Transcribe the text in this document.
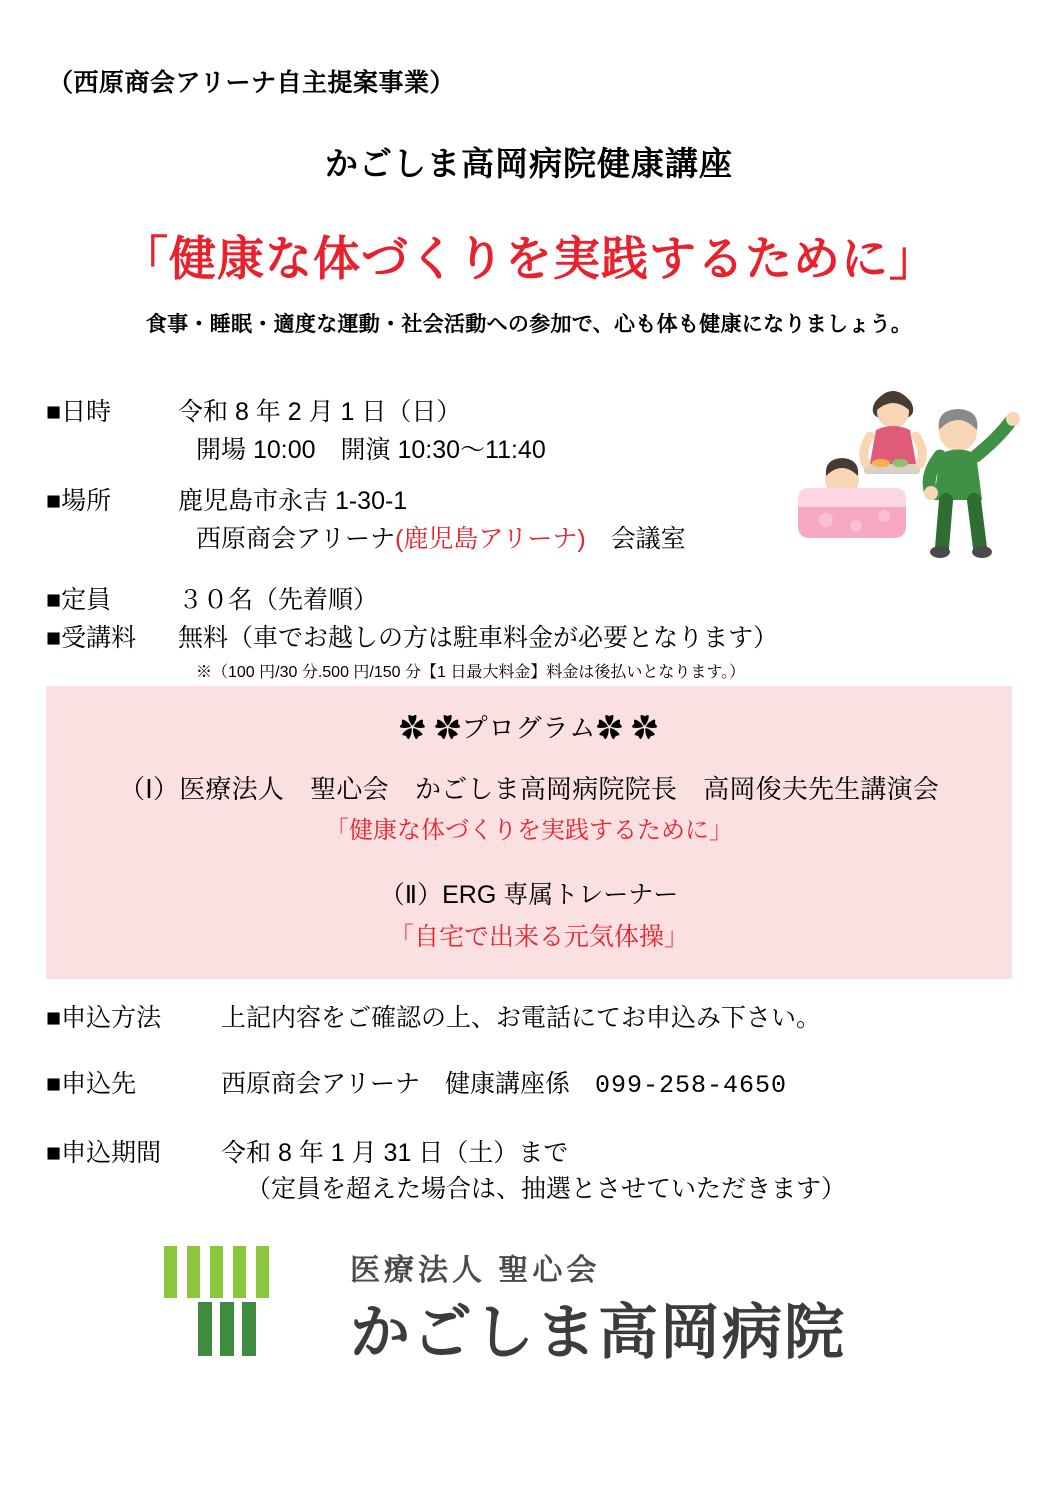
（西原商会アリーナ自主提案事業）
かごしま高岡病院健康講座
「健康な体づくりを実践するために」
食事・睡眠・適度な運動・社会活動への参加で、心も体も健康になりましょう。
■日時	令和 8 年 2 月 1 日（日）
開場 10:00　開演 10:30～11:40
■場所	鹿児島市永吉 1-30-1
西原商会アリーナ(鹿児島アリーナ)　会議室
■定員	３０名（先着順）
■受講料	無料（車でお越しの方は駐車料金が必要となります）
※（100 円/30 分.500 円/150 分【1 日最大料金】料金は後払いとなります。）
✿ ✿プログラム✿ ✿
（Ⅰ）医療法人　聖心会　かごしま高岡病院院長　高岡俊夫先生講演会
「健康な体づくりを実践するために」
（Ⅱ）ERG 専属トレーナー
「自宅で出来る元気体操」
■申込方法	上記内容をご確認の上、お電話にてお申込み下さい。
■申込先	西原商会アリーナ　健康講座係　099-258-4650
■申込期間	令和 8 年 1 月 31 日（土）まで
（定員を超えた場合は、抽選とさせていただきます）
医療法人 聖心会
かごしま高岡病院
